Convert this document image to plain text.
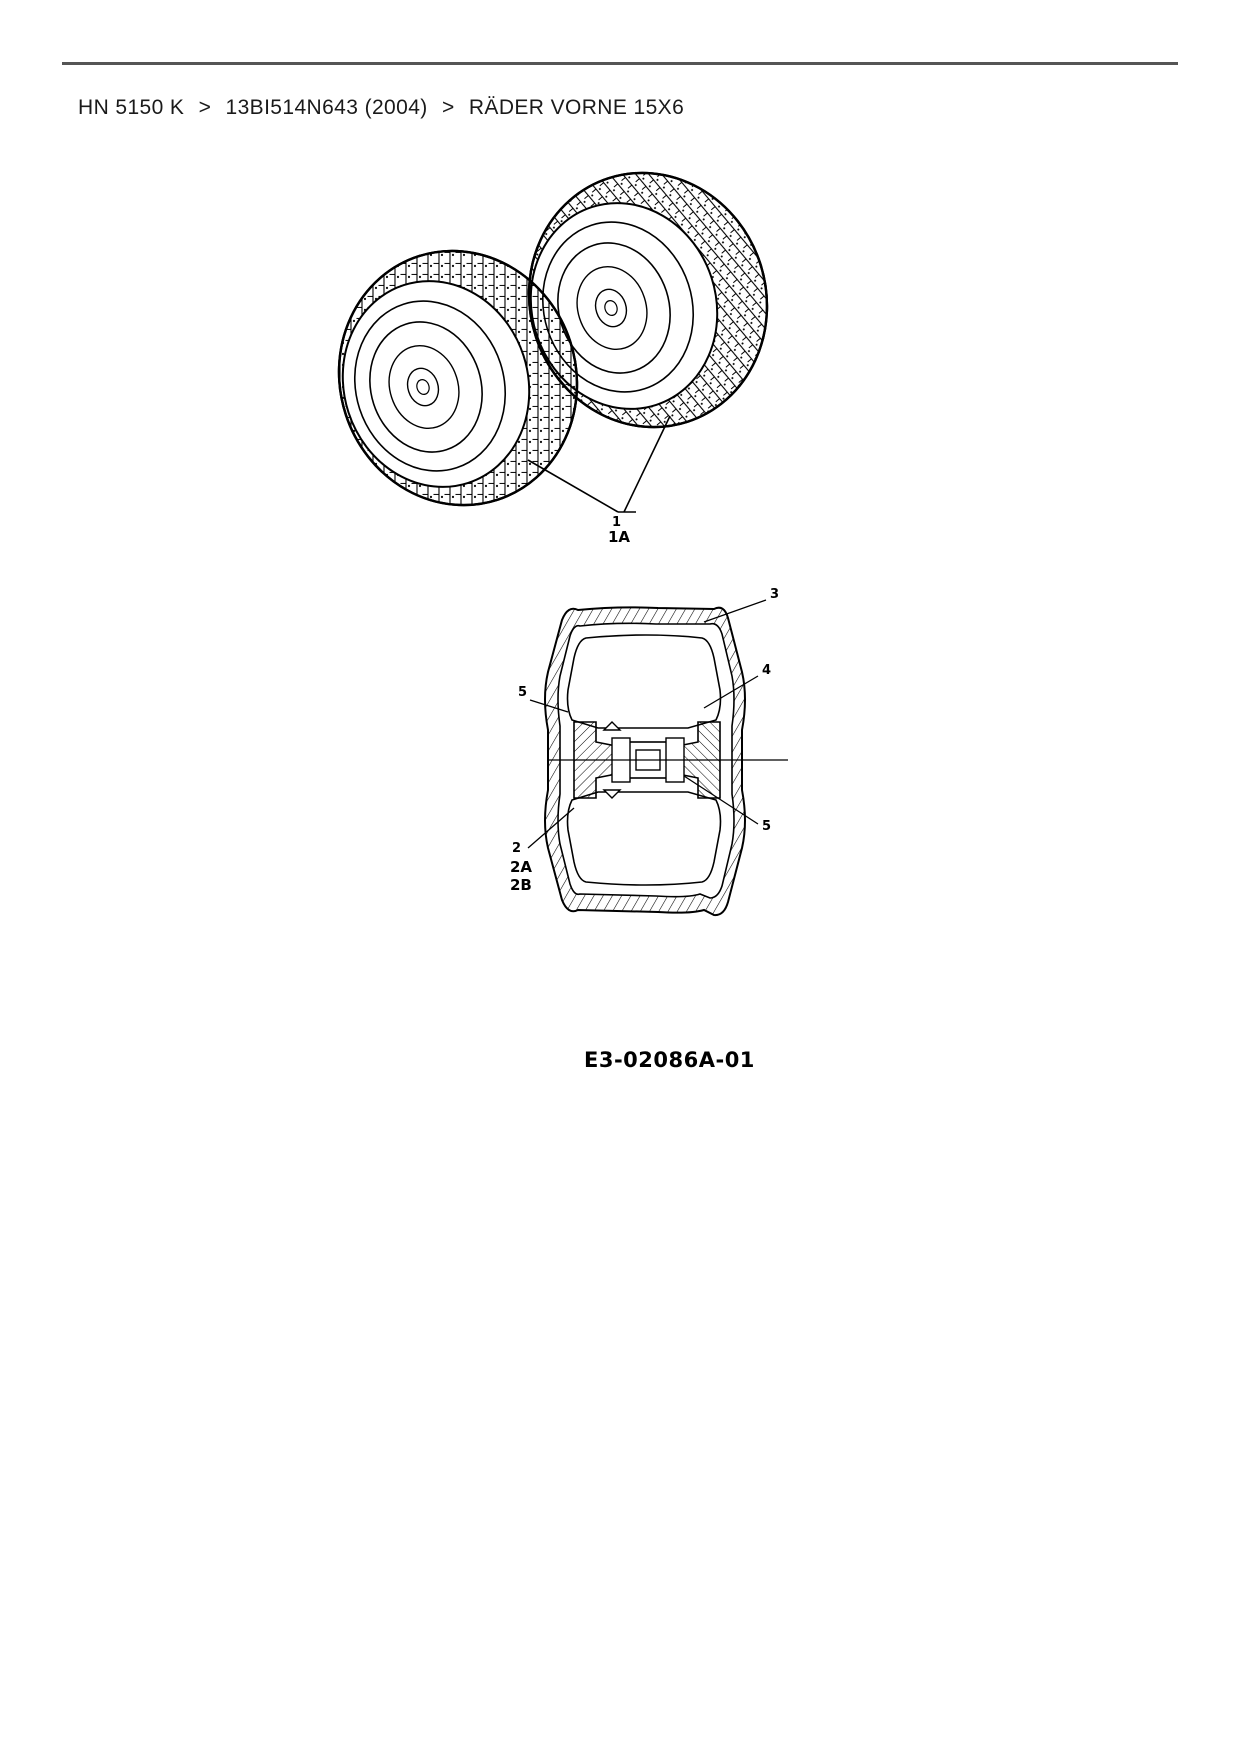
HN 5150 K > 13BI514N643 (2004) > RÄDER VORNE 15X6
1
1A
3
4
5
5
2
2A
2B
E3-02086A-01
